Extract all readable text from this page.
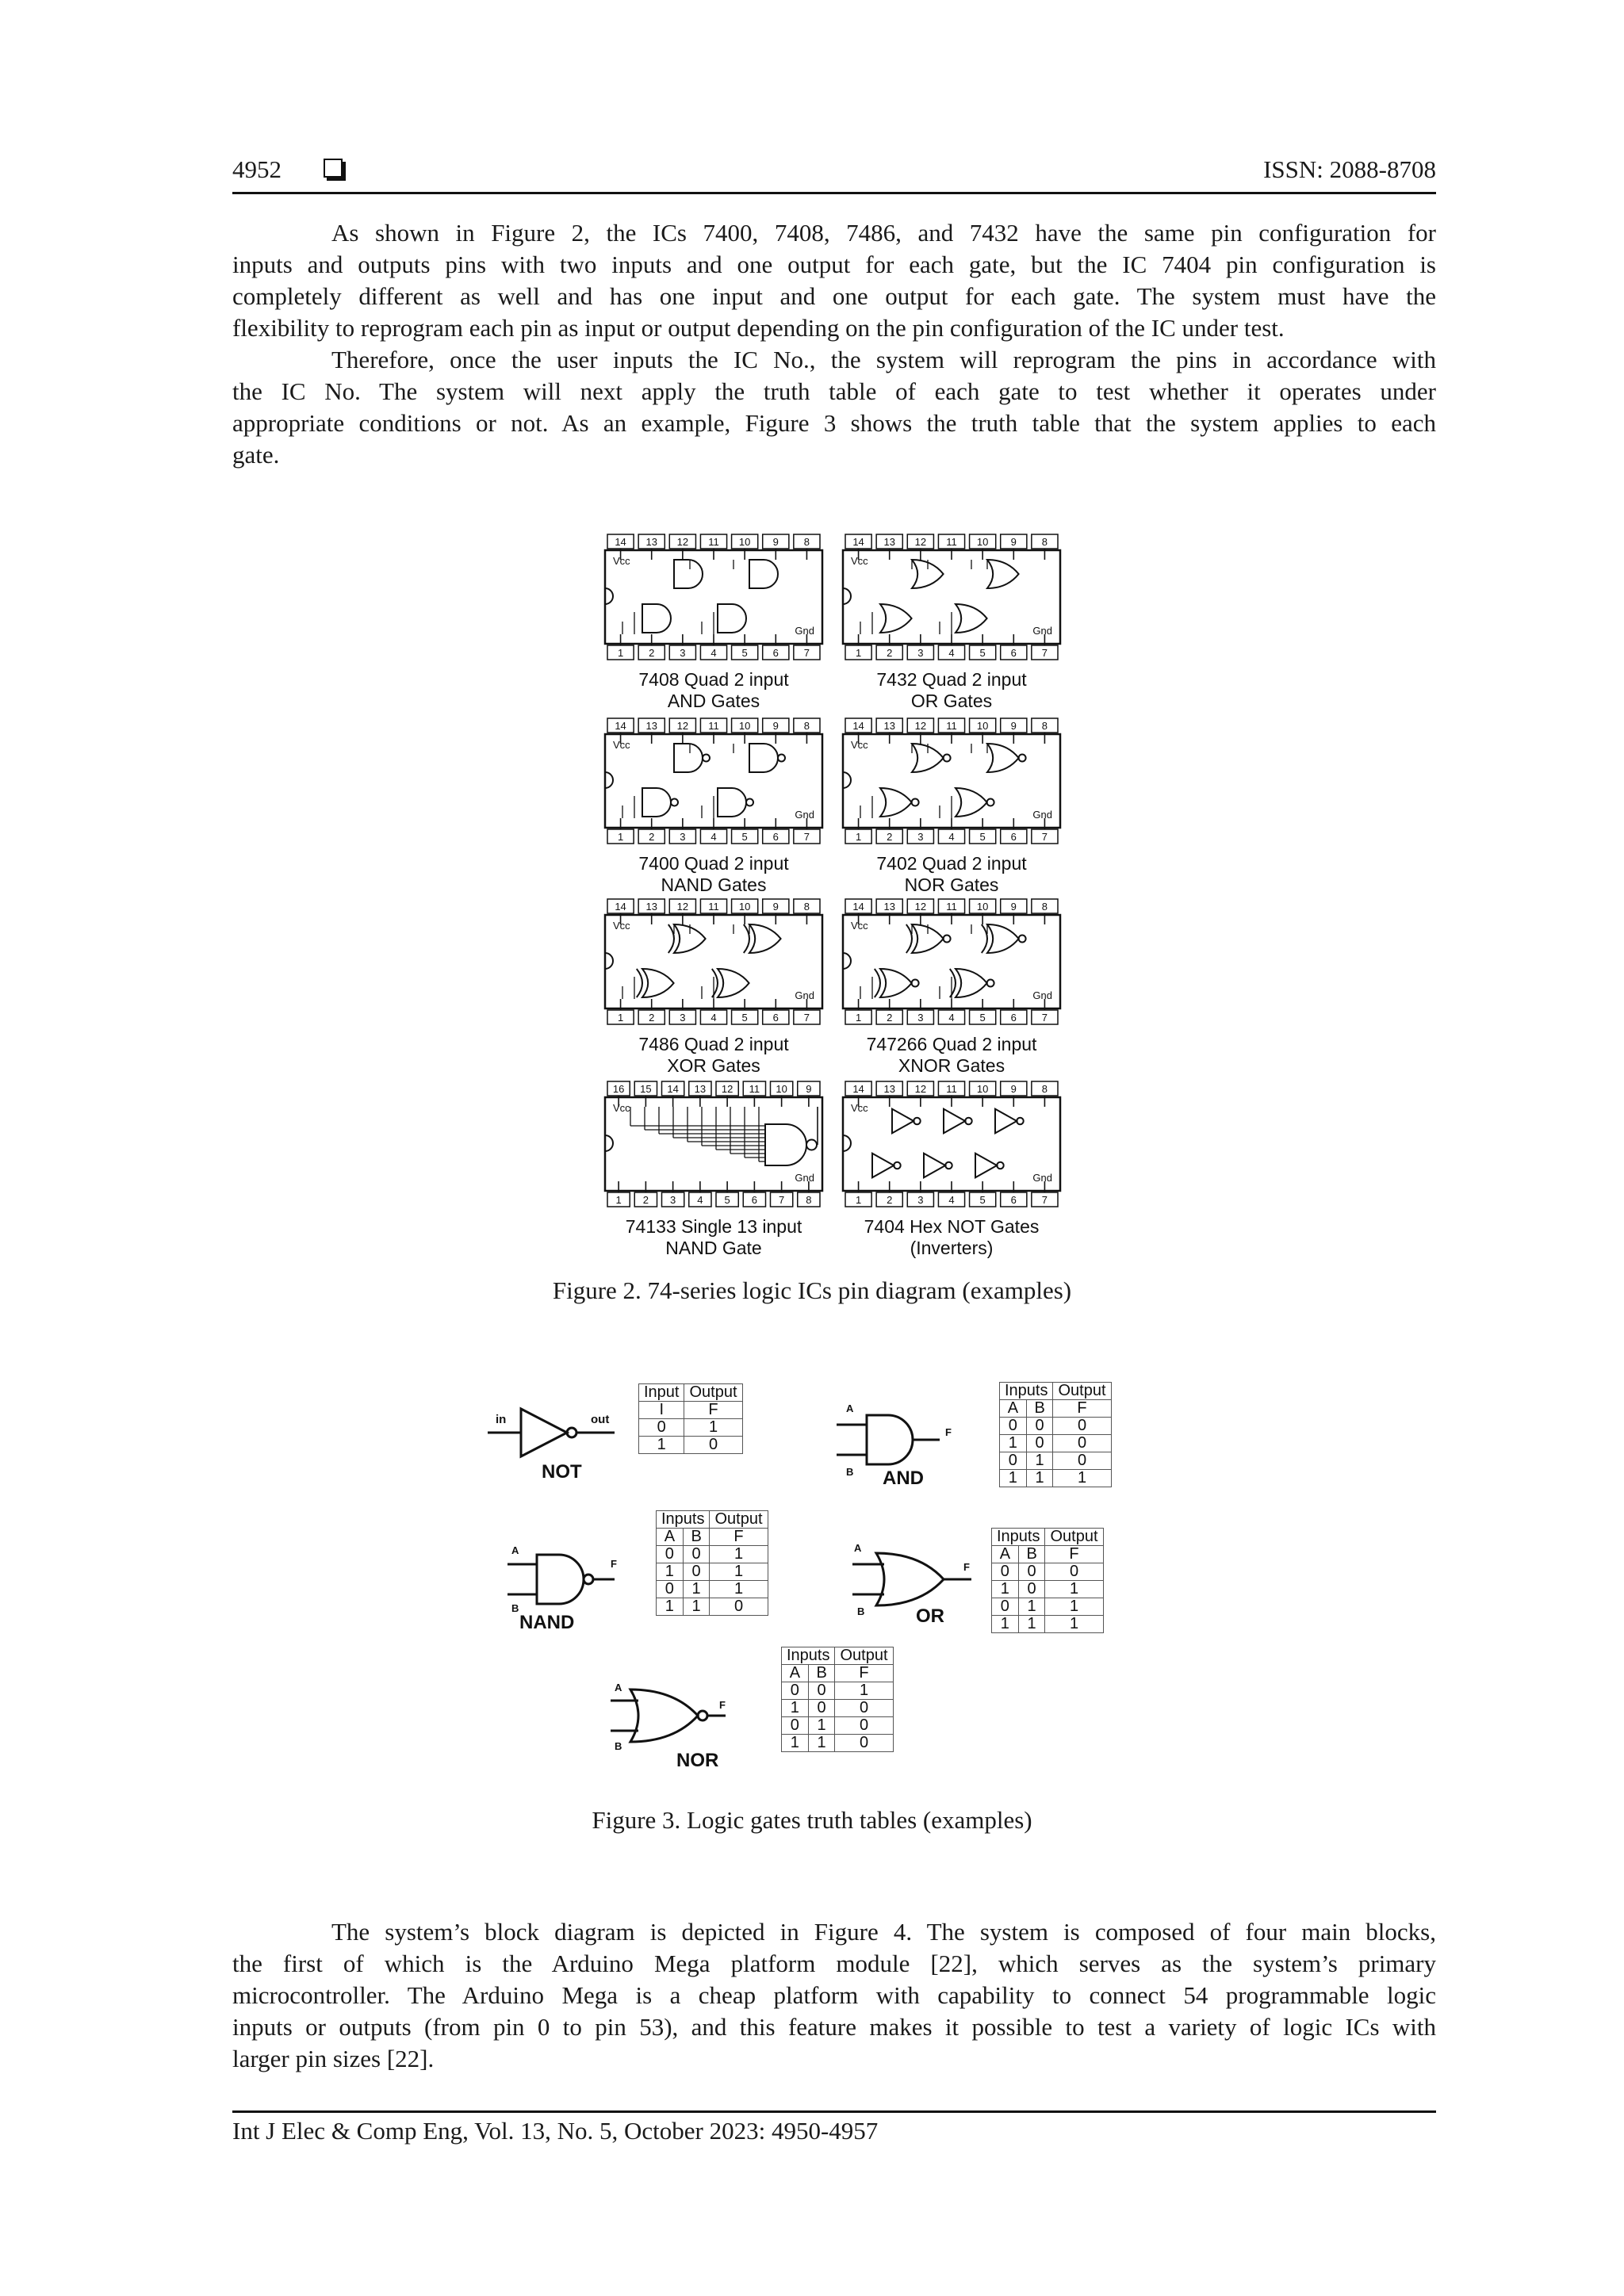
4952	ISSN: 2088-8708
As shown in Figure 2, the ICs 7400, 7408, 7486, and 7432 have the same pin configuration for
inputs and outputs pins with two inputs and one output for each gate, but the IC 7404 pin configuration is
completely different as well and has one input and one output for each gate. The system must have the
flexibility to reprogram each pin as input or output depending on the pin configuration of the IC under test.
Therefore, once the user inputs the IC No., the system will reprogram the pins in accordance with
the IC No. The system will next apply the truth table of each gate to test whether it operates under
appropriate conditions or not. As an example, Figure 3 shows the truth table that the system applies to each
gate.
14 13 12 11 10 9 8
1 2 3 4 5 6 7
Vcc
Gnd
7408 Quad 2 input
AND Gates
14 13 12 11 10 9 8
1 2 3 4 5 6 7
Vcc
Gnd
7432 Quad 2 input
OR Gates
14 13 12 11 10 9 8
1 2 3 4 5 6 7
Vcc
Gnd
7400 Quad 2 input
NAND Gates
14 13 12 11 10 9 8
1 2 3 4 5 6 7
Vcc
Gnd
7402 Quad 2 input
NOR Gates
14 13 12 11 10 9 8
1 2 3 4 5 6 7
Vcc
Gnd
7486 Quad 2 input
XOR Gates
14 13 12 11 10 9 8
1 2 3 4 5 6 7
Vcc
Gnd
747266 Quad 2 input
XNOR Gates
16 15 14 13 12 11 10 9
1 2 3 4 5 6 7 8
Vcc
Gnd
74133 Single 13 input
NAND Gate
14 13 12 11 10 9 8
1 2 3 4 5 6 7
Vcc
Gnd
7404 Hex NOT Gates
(Inverters)
Figure 2. 74-series logic ICs pin diagram (examples)
in	out
A
B
F
A
B
F
A
B
F
A
B
F
Input	Output
I	F
0	1
1	0
Inputs		Output
A	B	F
0	0	0
1	0	0
0	1	0
1	1	1
Inputs		Output
A	B	F
0	0	1
1	0	1
0	1	1
1	1	0
Inputs		Output
A	B	F
0	0	0
1	0	1
0	1	1
1	1	1
Inputs		Output
A	B	F
0	0	1
1	0	0
0	1	0
1	1	0
NOT	AND
NAND	OR
NOR
Figure 3. Logic gates truth tables (examples)
The system’s block diagram is depicted in Figure 4. The system is composed of four main blocks,
the first of which is the Arduino Mega platform module [22], which serves as the system’s primary
microcontroller. The Arduino Mega is a cheap platform with capability to connect 54 programmable logic
inputs or outputs (from pin 0 to pin 53), and this feature makes it possible to test a variety of logic ICs with
larger pin sizes [22].
Int J Elec & Comp Eng, Vol. 13, No. 5, October 2023: 4950-4957
